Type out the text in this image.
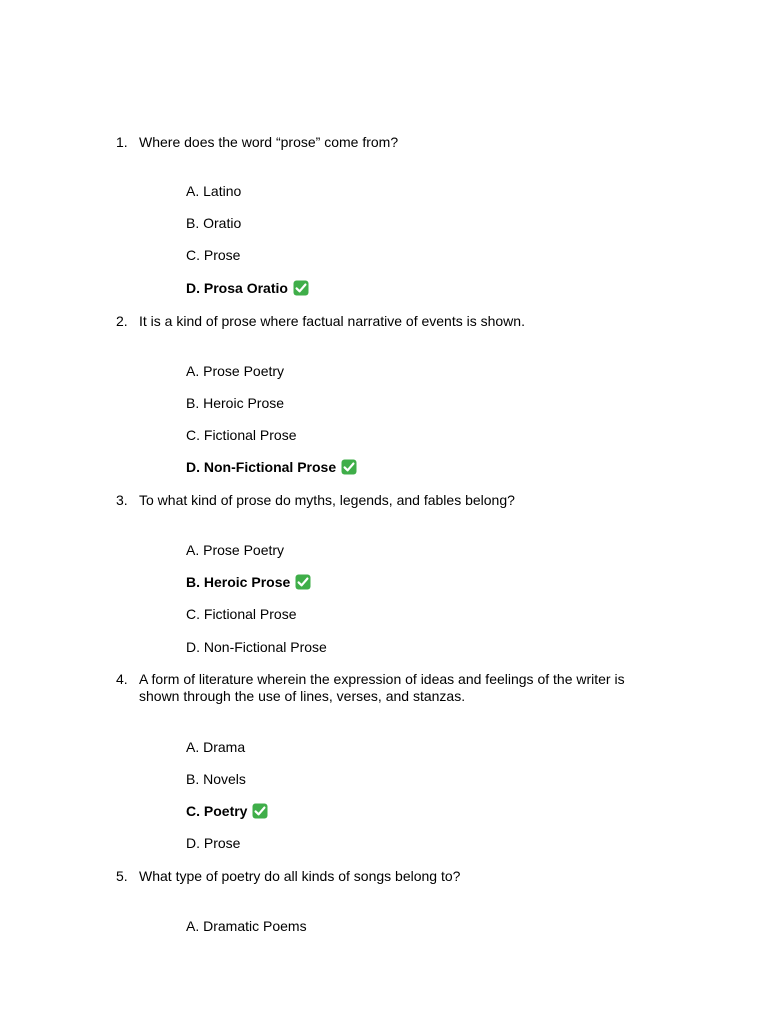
1. Where does the word “prose” come from?
A. Latino
B. Oratio
C. Prose
D. Prosa Oratio
2. It is a kind of prose where factual narrative of events is shown.
A. Prose Poetry
B. Heroic Prose
C. Fictional Prose
D. Non-Fictional Prose
3. To what kind of prose do myths, legends, and fables belong?
A. Prose Poetry
B. Heroic Prose
C. Fictional Prose
D. Non-Fictional Prose
4. A form of literature wherein the expression of ideas and feelings of the writer is shown through the use of lines, verses, and stanzas.
A. Drama
B. Novels
C. Poetry
D. Prose
5. What type of poetry do all kinds of songs belong to?
A. Dramatic Poems
